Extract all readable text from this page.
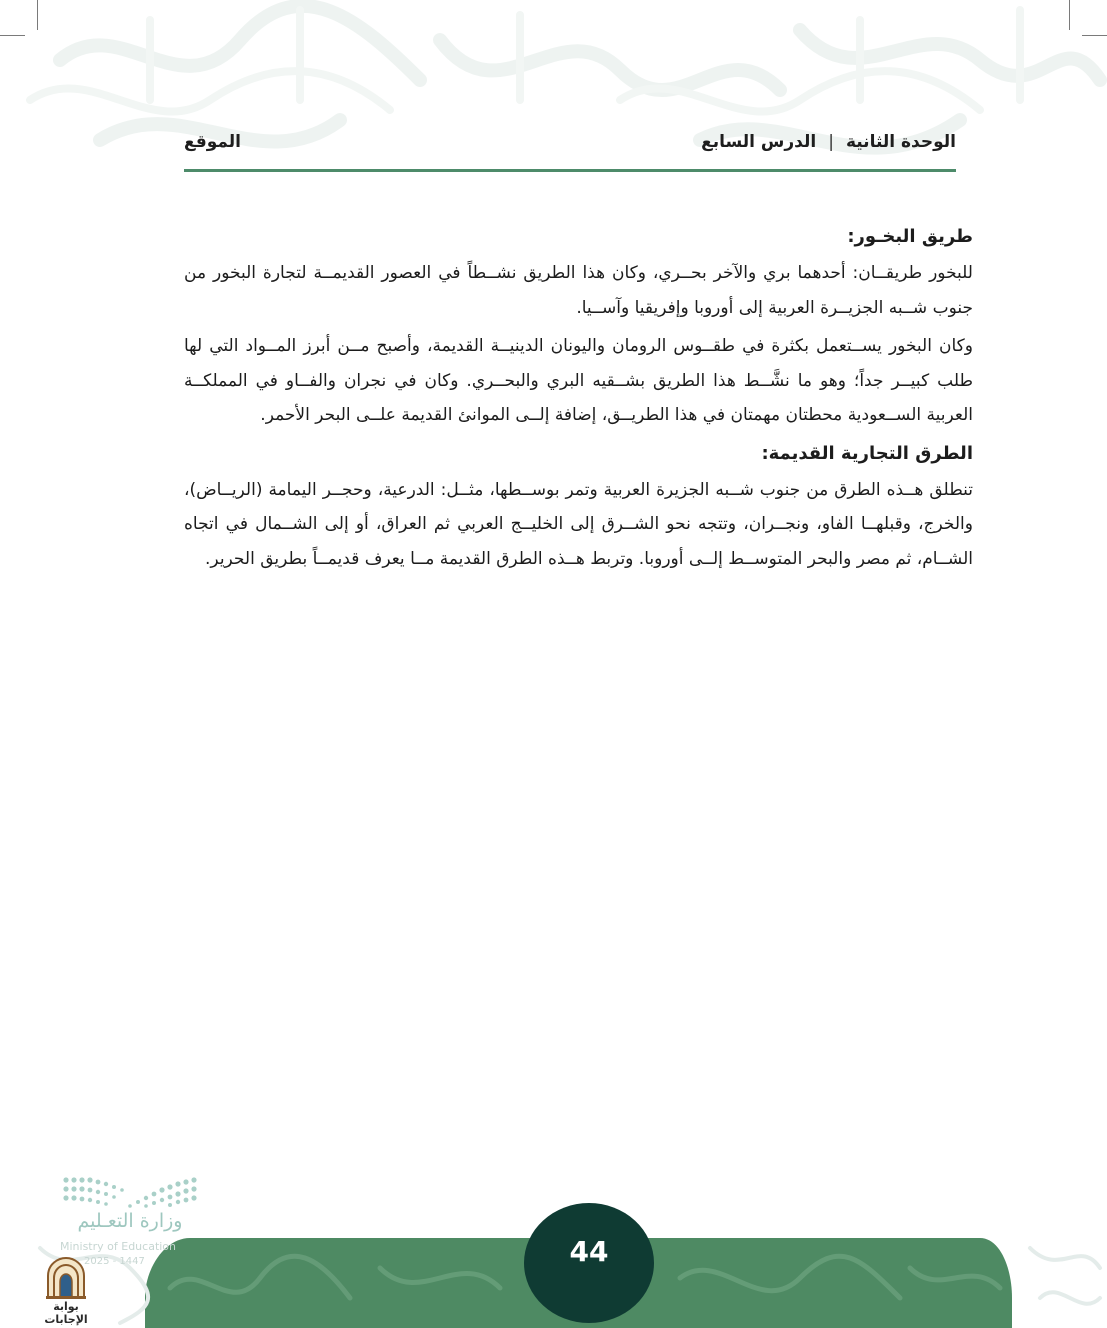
الوحدة الثانية|الدرس السابع
الموقع
طريق البخـور:

للبخور طريقــان: أحدهما بري والآخر بحــري، وكان هذا الطريق نشــطاً في العصور القديمــة لتجارة البخور من جنوب شــبه الجزيــرة العربية إلى أوروبا وإفريقيا وآســيا.

وكان البخور يســتعمل بكثرة في طقــوس الرومان واليونان الدينيــة القديمة، وأصبح مــن أبرز المــواد التي لها طلب كبيــر جداً؛ وهو ما نشَّــط هذا الطريق بشــقيه البري والبحــري. وكان في نجران والفــاو في المملكــة العربية الســعودية محطتان مهمتان في هذا الطريــق، إضافة إلــى الموانئ القديمة علــى البحر الأحمر.

الطرق التجارية القديمة:

تنطلق هــذه الطرق من جنوب شــبه الجزيرة العربية وتمر بوســطها، مثــل: الدرعية، وحجــر اليمامة (الريــاض)، والخرج، وقبلهــا الفاو، ونجــران، وتتجه نحو الشــرق إلى الخليــج العربي ثم العراق، أو إلى الشــمال في اتجاه الشــام، ثم مصر والبحر المتوســط إلــى أوروبا. وتربط هــذه الطرق القديمة مــا يعرف قديمــاً بطريق الحرير.

44
وزارة التعـليم
Ministry of Education
2025 - 1447
بوابة الإجابات
